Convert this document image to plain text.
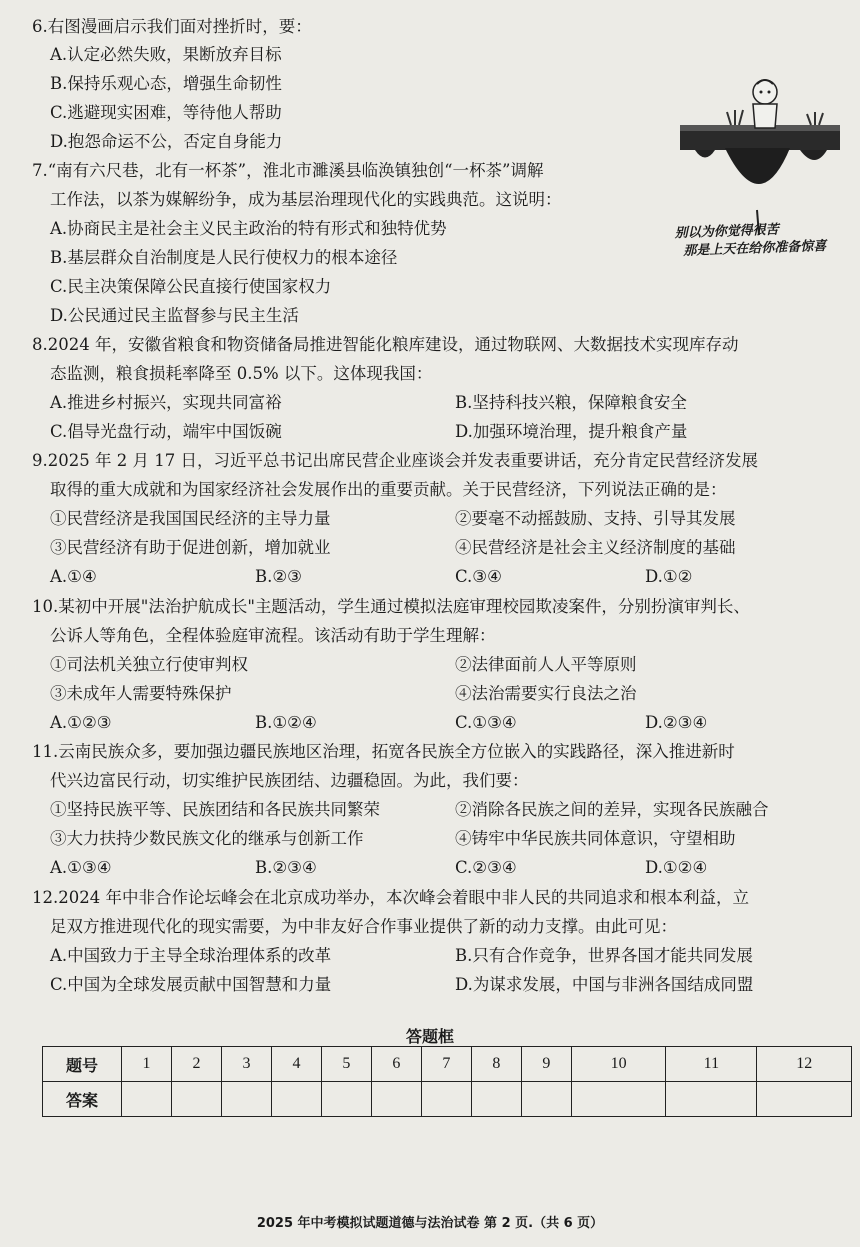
6.右图漫画启示我们面对挫折时，要：
A.认定必然失败，果断放弃目标
B.保持乐观心态，增强生命韧性
C.逃避现实困难，等待他人帮助
D.抱怨命运不公，否定自身能力
别以为你觉得很苦
那是上天在给你准备惊喜
7.“南有六尺巷，北有一杯茶”，淮北市濉溪县临涣镇独创“一杯茶”调解
工作法，以茶为媒解纷争，成为基层治理现代化的实践典范。这说明：
A.协商民主是社会主义民主政治的特有形式和独特优势
B.基层群众自治制度是人民行使权力的根本途径
C.民主决策保障公民直接行使国家权力
D.公民通过民主监督参与民主生活
8.2024 年，安徽省粮食和物资储备局推进智能化粮库建设，通过物联网、大数据技术实现库存动
态监测，粮食损耗率降至 0.5% 以下。这体现我国：
A.推进乡村振兴，实现共同富裕	B.坚持科技兴粮，保障粮食安全
C.倡导光盘行动，端牢中国饭碗	D.加强环境治理，提升粮食产量
9.2025 年 2 月 17 日，习近平总书记出席民营企业座谈会并发表重要讲话，充分肯定民营经济发展
取得的重大成就和为国家经济社会发展作出的重要贡献。关于民营经济，下列说法正确的是：
①民营经济是我国国民经济的主导力量	②要毫不动摇鼓励、支持、引导其发展
③民营经济有助于促进创新，增加就业	④民营经济是社会主义经济制度的基础
A.①④	B.②③	C.③④	D.①②
10.某初中开展"法治护航成长"主题活动，学生通过模拟法庭审理校园欺凌案件，分别扮演审判长、
公诉人等角色，全程体验庭审流程。该活动有助于学生理解：
①司法机关独立行使审判权	②法律面前人人平等原则
③未成年人需要特殊保护	④法治需要实行良法之治
A.①②③	B.①②④	C.①③④	D.②③④
11.云南民族众多，要加强边疆民族地区治理，拓宽各民族全方位嵌入的实践路径，深入推进新时
代兴边富民行动，切实维护民族团结、边疆稳固。为此，我们要：
①坚持民族平等、民族团结和各民族共同繁荣	②消除各民族之间的差异，实现各民族融合
③大力扶持少数民族文化的继承与创新工作	④铸牢中华民族共同体意识，守望相助
A.①③④	B.②③④	C.②③④	D.①②④
12.2024 年中非合作论坛峰会在北京成功举办，本次峰会着眼中非人民的共同追求和根本利益，立
足双方推进现代化的现实需要，为中非友好合作事业提供了新的动力支撑。由此可见：
A.中国致力于主导全球治理体系的改革	B.只有合作竞争，世界各国才能共同发展
C.中国为全球发展贡献中国智慧和力量	D.为谋求发展，中国与非洲各国结成同盟
答题框
题号	1	2	3	4	5	6	7	8	9	10	11	12
答案												
2025 年中考模拟试题道德与法治试卷 第 2 页.（共 6 页）
